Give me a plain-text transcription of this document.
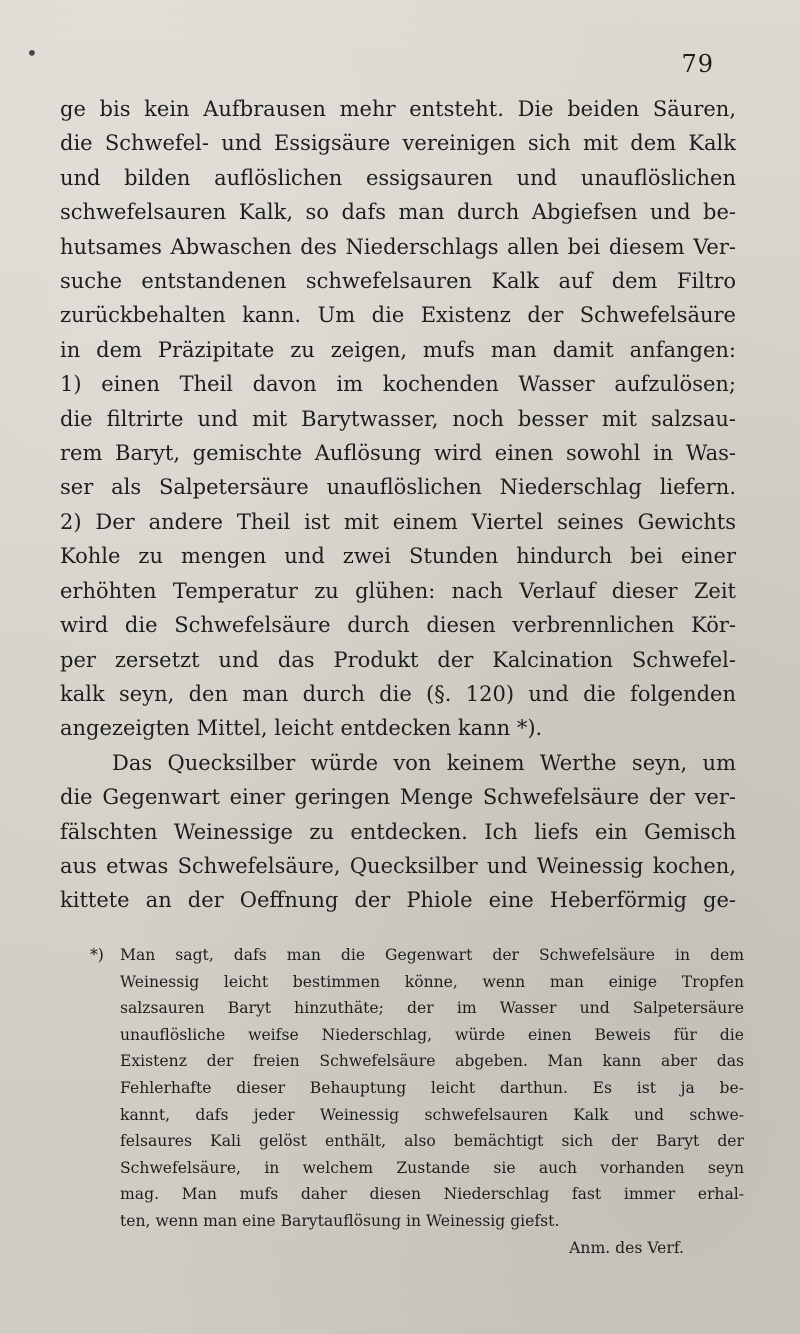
•	79
ge bis kein Aufbrausen mehr entsteht. Die beiden Säuren,
die Schwefel- und Essigsäure vereinigen sich mit dem Kalk
und bilden auflöslichen essigsauren und unauflöslichen
schwefelsauren Kalk, so dafs man durch Abgiefsen und be-
hutsames Abwaschen des Niederschlags allen bei diesem Ver-
suche entstandenen schwefelsauren Kalk auf dem Filtro
zurückbehalten kann. Um die Existenz der Schwefelsäure
in dem Präzipitate zu zeigen, mufs man damit anfangen:
1) einen Theil davon im kochenden Wasser aufzulösen;
die filtrirte und mit Barytwasser, noch besser mit salzsau-
rem Baryt, gemischte Auflösung wird einen sowohl in Was-
ser als Salpetersäure unauflöslichen Niederschlag liefern.
2) Der andere Theil ist mit einem Viertel seines Gewichts
Kohle zu mengen und zwei Stunden hindurch bei einer
erhöhten Temperatur zu glühen: nach Verlauf dieser Zeit
wird die Schwefelsäure durch diesen verbrennlichen Kör-
per zersetzt und das Produkt der Kalcination Schwefel-
kalk seyn, den man durch die (§. 120) und die folgenden
angezeigten Mittel, leicht entdecken kann *).
Das Quecksilber würde von keinem Werthe seyn, um
die Gegenwart einer geringen Menge Schwefelsäure der ver-
fälschten Weinessige zu entdecken. Ich liefs ein Gemisch
aus etwas Schwefelsäure, Quecksilber und Weinessig kochen,
kittete an der Oeffnung der Phiole eine Heberförmig ge-
*) Man sagt, dafs man die Gegenwart der Schwefelsäure in dem
Weinessig leicht bestimmen könne, wenn man einige Tropfen
salzsauren Baryt hinzuthäte; der im Wasser und Salpetersäure
unauflösliche weifse Niederschlag, würde einen Beweis für die
Existenz der freien Schwefelsäure abgeben. Man kann aber das
Fehlerhafte dieser Behauptung leicht darthun. Es ist ja be-
kannt, dafs jeder Weinessig schwefelsauren Kalk und schwe-
felsaures Kali gelöst enthält, also bemächtigt sich der Baryt der
Schwefelsäure, in welchem Zustande sie auch vorhanden seyn
mag. Man mufs daher diesen Niederschlag fast immer erhal-
ten, wenn man eine Barytauflösung in Weinessig giefst.
Anm. des Verf.
